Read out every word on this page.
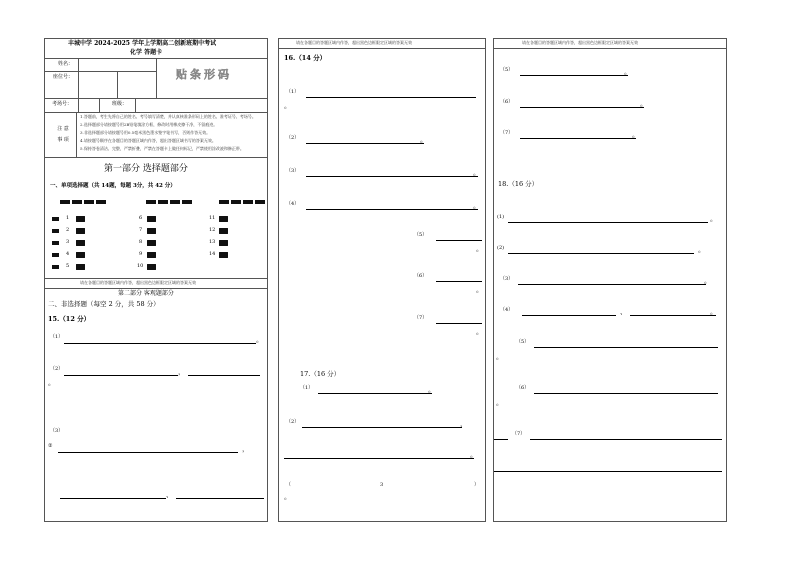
丰城中学 2024-2025 学年上学期高二创新班期中考试
化学 答题卡
姓名：
座位号：
考场号：	班级：
贴条形码
注 意 事 项
1.答题前，考生先将自己的姓名、考号填写清楚，并认真核准条形码上的姓名、准考证号、考场号。
2.选择题部分请按题号用2B铅笔填涂方框，修改时用橡皮擦干净，不留痕迹。
3.非选择题部分请按题号用0.5毫米黑色墨水签字笔书写，否则作答无效。
4.请按题号顺序在各题目的答题区域内作答，超出答题区域书写的答案无效。
5.保持答卷清洁、完整，严禁折叠，严禁在答题卡上做任何标记，严禁使用涂改液和修正带。
第一部分 选择题部分
一、单项选择题（共 14题，每题 3分，共 42 分）
1
2
3
4
5
6
7
8
9
10
11
12
13
14
请在各题目的答题区域内作答，超出黑色边框限定区域的答案无效
第二部分 客观题部分
二、非选择题（每空 2 分，共 58 分）
15.（12 分）
（1）	。
（2）	，
。
（3）
②	，
、
请在各题目的答题区域内作答，超出黑色边框限定区域的答案无效
16.（14 分）
（1）
。
（2）	。
（3）	。
（4）	。
（5）
。
（6）
。
（7）
。
17.（16 分）
（1）	。
（2）	，
。
（	3	）
。
请在各题目的答题区域内作答，超出黑色边框限定区域的答案无效
（5）	。
（6）	。
（7）	。
18.（16 分）
(1)	。
(2)	。
（3）	。
（4）	、	。
（5）
。
（6）
。
（7）
